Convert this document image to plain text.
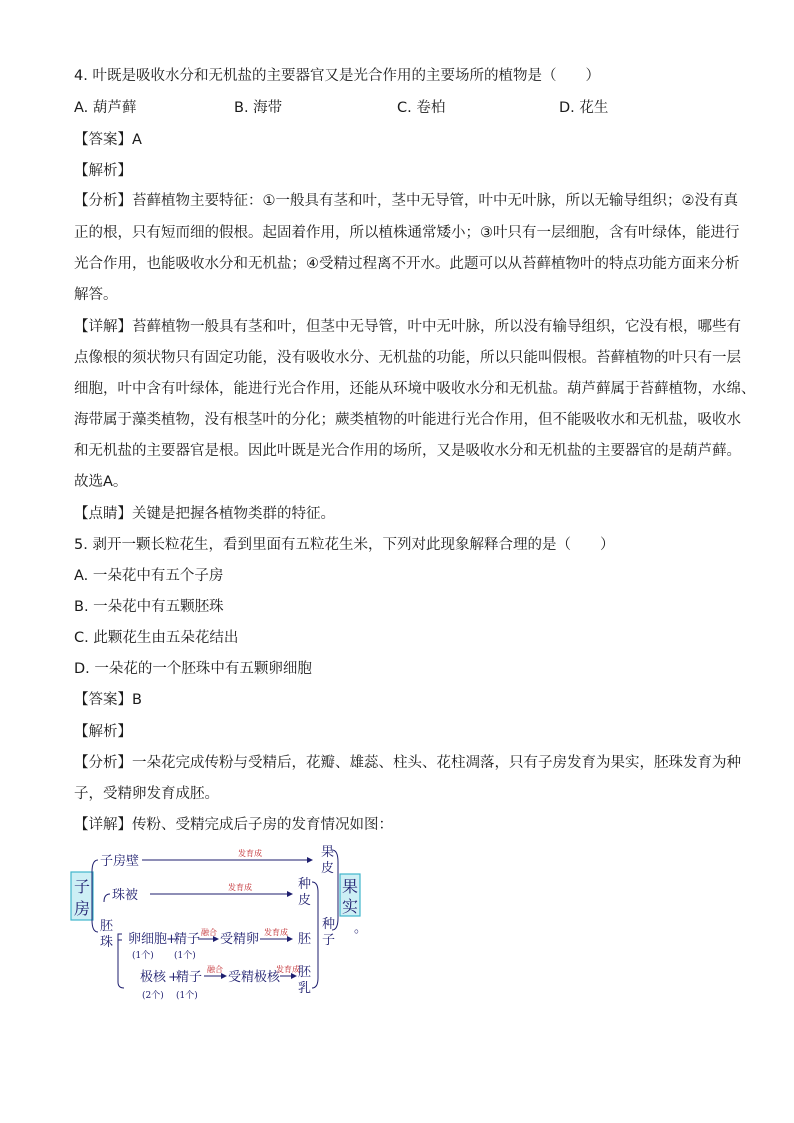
4. 叶既是吸收水分和无机盐的主要器官又是光合作用的主要场所的植物是（　　）
A. 葫芦藓	B. 海带	C. 卷柏	D. 花生
【答案】A
【解析】
【分析】苔藓植物主要特征：①一般具有茎和叶，茎中无导管，叶中无叶脉，所以无输导组织；②没有真
正的根，只有短而细的假根。起固着作用，所以植株通常矮小；③叶只有一层细胞，含有叶绿体，能进行
光合作用，也能吸收水分和无机盐；④受精过程离不开水。此题可以从苔藓植物叶的特点功能方面来分析
解答。
【详解】苔藓植物一般具有茎和叶，但茎中无导管，叶中无叶脉，所以没有输导组织，它没有根，哪些有
点像根的须状物只有固定功能，没有吸收水分、无机盐的功能，所以只能叫假根。苔藓植物的叶只有一层
细胞，叶中含有叶绿体，能进行光合作用，还能从环境中吸收水分和无机盐。葫芦藓属于苔藓植物，水绵、
海带属于藻类植物，没有根茎叶的分化；蕨类植物的叶能进行光合作用，但不能吸收水和无机盐，吸收水
和无机盐的主要器官是根。因此叶既是光合作用的场所，又是吸收水分和无机盐的主要器官的是葫芦藓。
故选A。
【点睛】关键是把握各植物类群的特征。
5. 剥开一颗长粒花生，看到里面有五粒花生米，下列对此现象解释合理的是（　　）
A. 一朵花中有五个子房
B. 一朵花中有五颗胚珠
C. 此颗花生由五朵花结出
D. 一朵花的一个胚珠中有五颗卵细胞
【答案】B
【解析】
【分析】一朵花完成传粉与受精后，花瓣、雄蕊、柱头、花柱凋落，只有子房发育为果实，胚珠发育为种
子，受精卵发育成胚。
【详解】传粉、受精完成后子房的发育情况如图：
子
房
子房壁
发育成	果
皮
果
实
。
珠被
发育成	种
皮
胚
珠 卵细胞
+
精子
(1个) (1个)
融合 受精卵 发育成 胚
种
子
极核 +
精子
(2个) (1个)
融合
受精极核
发育成
胚
乳
